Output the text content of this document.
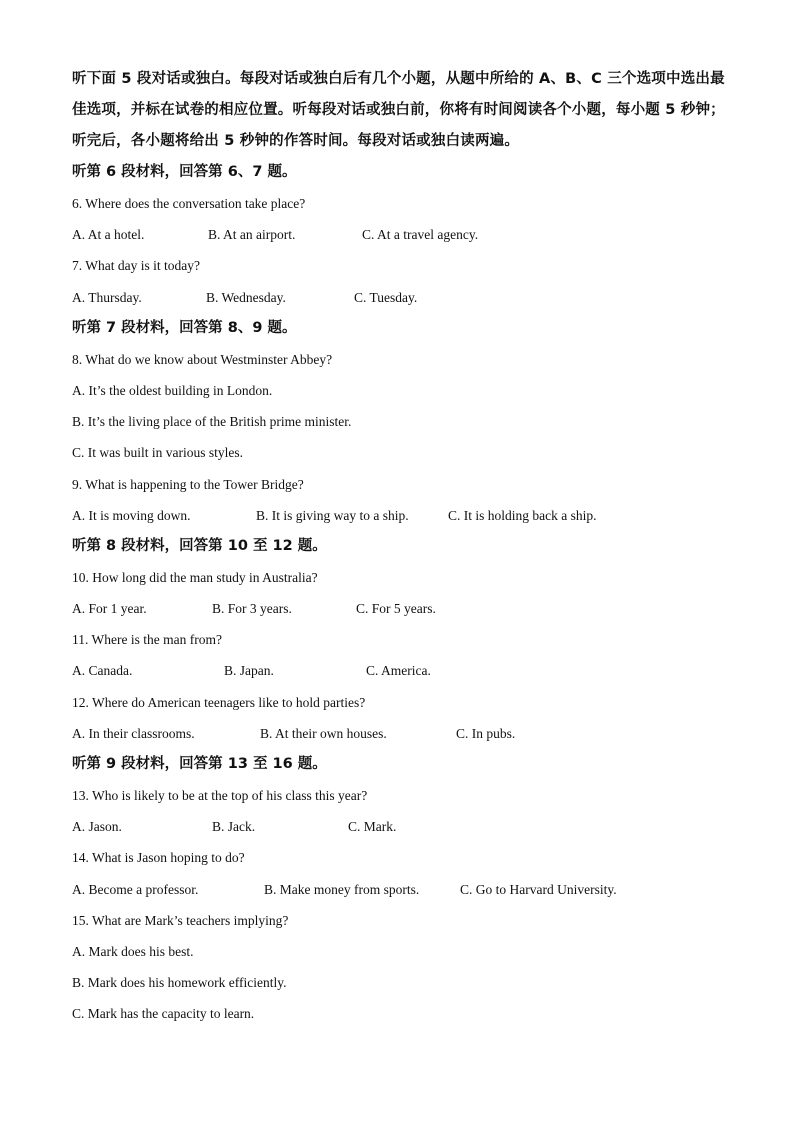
听下面 5 段对话或独白。每段对话或独白后有几个小题，从题中所给的 A、B、C 三个选项中选出最佳选项，并标在试卷的相应位置。听每段对话或独白前，你将有时间阅读各个小题，每小题 5 秒钟；听完后，各小题将给出 5 秒钟的作答时间。每段对话或独白读两遍。

听第 6 段材料，回答第 6、7 题。

6. Where does the conversation take place?

A. At a hotel.	B. At an airport.	C. At a travel agency.

7. What day is it today?

A. Thursday.	B. Wednesday.	C. Tuesday.

听第 7 段材料，回答第 8、9 题。

8. What do we know about Westminster Abbey?

A. It’s the oldest building in London.

B. It’s the living place of the British prime minister.

C. It was built in various styles.

9. What is happening to the Tower Bridge?

A. It is moving down.	B. It is giving way to a ship.	C. It is holding back a ship.

听第 8 段材料，回答第 10 至 12 题。

10. How long did the man study in Australia?

A. For 1 year.	B. For 3 years.	C. For 5 years.

11. Where is the man from?

A. Canada.	B. Japan.	C. America.

12. Where do American teenagers like to hold parties?

A. In their classrooms.	B. At their own houses.	C. In pubs.

听第 9 段材料，回答第 13 至 16 题。

13. Who is likely to be at the top of his class this year?

A. Jason.	B. Jack.	C. Mark.

14. What is Jason hoping to do?

A. Become a professor.	B. Make money from sports.	C. Go to Harvard University.

15. What are Mark’s teachers implying?

A. Mark does his best.

B. Mark does his homework efficiently.

C. Mark has the capacity to learn.
